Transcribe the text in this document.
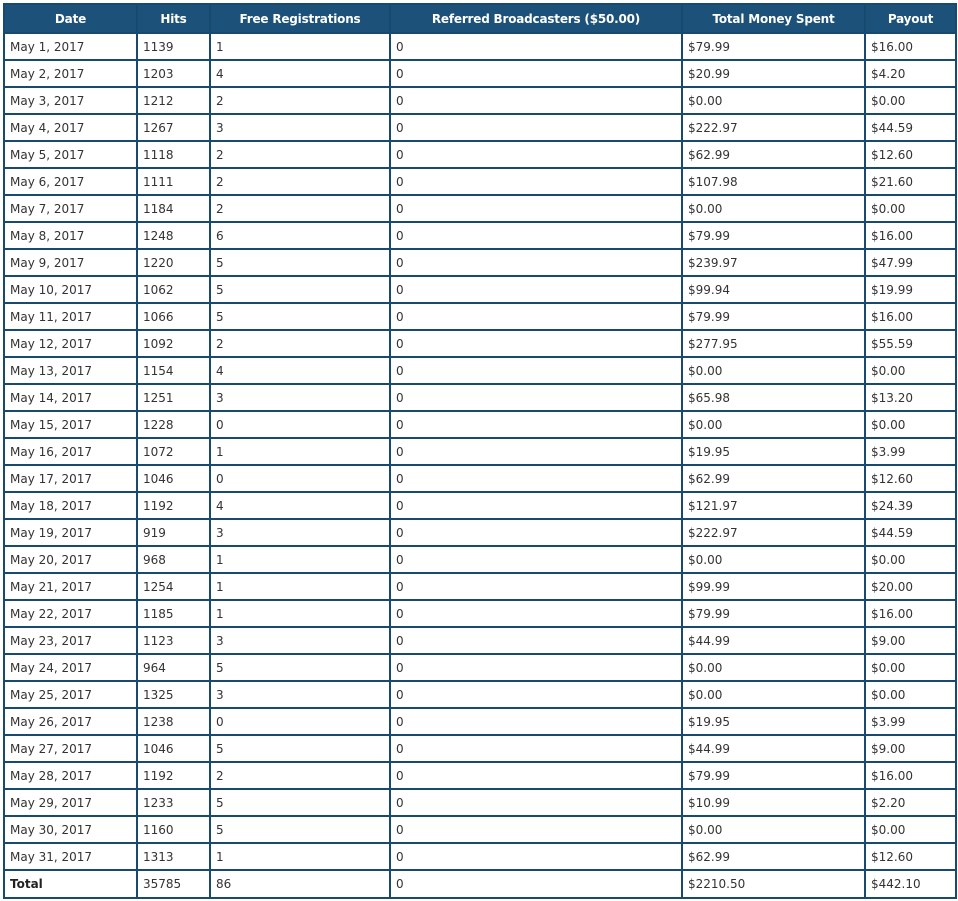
Date	Hits	Free Registrations	Referred Broadcasters ($50.00)	Total Money Spent	Payout
May 1, 2017	1139	1	0	$79.99	$16.00
May 2, 2017	1203	4	0	$20.99	$4.20
May 3, 2017	1212	2	0	$0.00	$0.00
May 4, 2017	1267	3	0	$222.97	$44.59
May 5, 2017	1118	2	0	$62.99	$12.60
May 6, 2017	1111	2	0	$107.98	$21.60
May 7, 2017	1184	2	0	$0.00	$0.00
May 8, 2017	1248	6	0	$79.99	$16.00
May 9, 2017	1220	5	0	$239.97	$47.99
May 10, 2017	1062	5	0	$99.94	$19.99
May 11, 2017	1066	5	0	$79.99	$16.00
May 12, 2017	1092	2	0	$277.95	$55.59
May 13, 2017	1154	4	0	$0.00	$0.00
May 14, 2017	1251	3	0	$65.98	$13.20
May 15, 2017	1228	0	0	$0.00	$0.00
May 16, 2017	1072	1	0	$19.95	$3.99
May 17, 2017	1046	0	0	$62.99	$12.60
May 18, 2017	1192	4	0	$121.97	$24.39
May 19, 2017	919	3	0	$222.97	$44.59
May 20, 2017	968	1	0	$0.00	$0.00
May 21, 2017	1254	1	0	$99.99	$20.00
May 22, 2017	1185	1	0	$79.99	$16.00
May 23, 2017	1123	3	0	$44.99	$9.00
May 24, 2017	964	5	0	$0.00	$0.00
May 25, 2017	1325	3	0	$0.00	$0.00
May 26, 2017	1238	0	0	$19.95	$3.99
May 27, 2017	1046	5	0	$44.99	$9.00
May 28, 2017	1192	2	0	$79.99	$16.00
May 29, 2017	1233	5	0	$10.99	$2.20
May 30, 2017	1160	5	0	$0.00	$0.00
May 31, 2017	1313	1	0	$62.99	$12.60
Total	35785	86	0	$2210.50	$442.10
